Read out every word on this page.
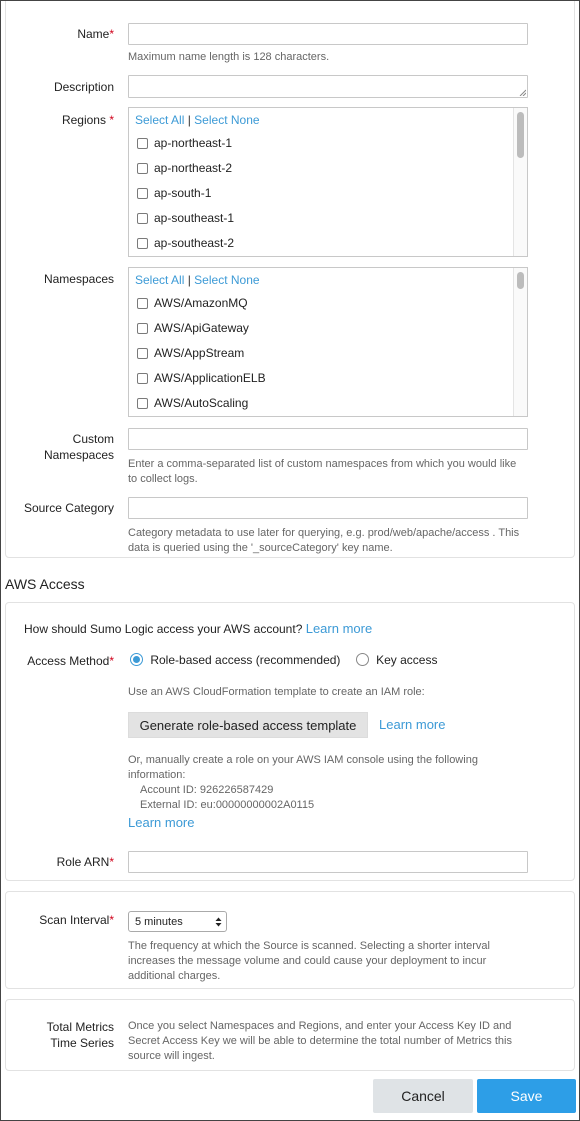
Name*
Maximum name length is 128 characters.
Description
Regions * Select All | Select None
ap-northeast-1
ap-northeast-2
ap-south-1
ap-southeast-1
ap-southeast-2
Namespaces Select All | Select None
AWS/AmazonMQ
AWS/ApiGateway
AWS/AppStream
AWS/ApplicationELB
AWS/AutoScaling
Custom
Namespaces
Enter a comma-separated list of custom namespaces from which you would like
to collect logs.
Source Category
Category metadata to use later for querying, e.g. prod/web/apache/access . This
data is queried using the '_sourceCategory' key name.
AWS Access
How should Sumo Logic access your AWS account? Learn more
Access Method*	Role-based access (recommended)	Key access
Use an AWS CloudFormation template to create an IAM role:
Generate role-based access template	Learn more
Or, manually create a role on your AWS IAM console using the following
information:
Account ID: 926226587429
External ID: eu:00000000002A0115
Learn more
Role ARN*
Scan Interval* 5 minutes
The frequency at which the Source is scanned. Selecting a shorter interval
increases the message volume and could cause your deployment to incur
additional charges.
Total Metrics
Time Series
Once you select Namespaces and Regions, and enter your Access Key ID and
Secret Access Key we will be able to determine the total number of Metrics this
source will ingest.
Cancel	Save
